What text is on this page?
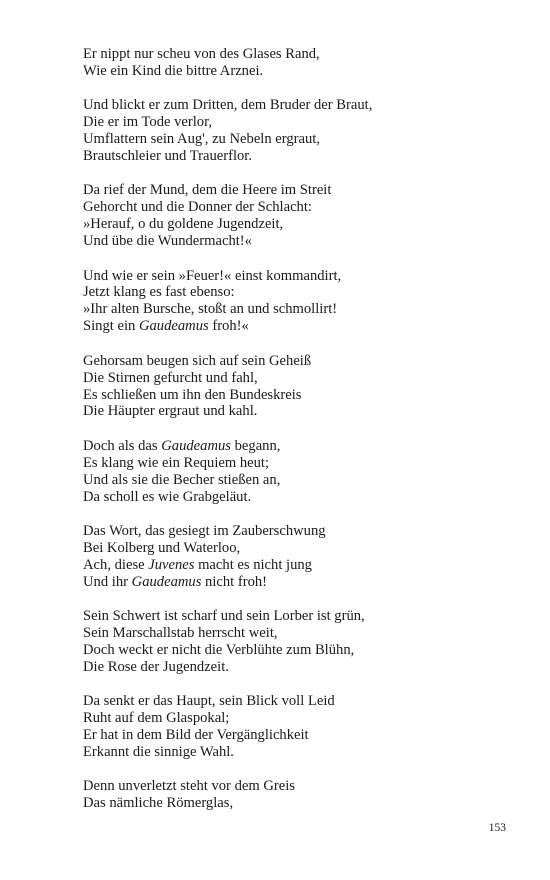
Er nippt nur scheu von des Glases Rand,
Wie ein Kind die bittre Arznei.
Und blickt er zum Dritten, dem Bruder der Braut,
Die er im Tode verlor,
Umflattern sein Aug', zu Nebeln ergraut,
Brautschleier und Trauerflor.
Da rief der Mund, dem die Heere im Streit
Gehorcht und die Donner der Schlacht:
»Herauf, o du goldene Jugendzeit,
Und übe die Wundermacht!«
Und wie er sein »Feuer!« einst kommandirt,
Jetzt klang es fast ebenso:
»Ihr alten Bursche, stoßt an und schmollirt!
Singt ein Gaudeamus froh!«
Gehorsam beugen sich auf sein Geheiß
Die Stirnen gefurcht und fahl,
Es schließen um ihn den Bundeskreis
Die Häupter ergraut und kahl.
Doch als das Gaudeamus begann,
Es klang wie ein Requiem heut;
Und als sie die Becher stießen an,
Da scholl es wie Grabgeläut.
Das Wort, das gesiegt im Zauberschwung
Bei Kolberg und Waterloo,
Ach, diese Juvenes macht es nicht jung
Und ihr Gaudeamus nicht froh!
Sein Schwert ist scharf und sein Lorber ist grün,
Sein Marschallstab herrscht weit,
Doch weckt er nicht die Verblühte zum Blühn,
Die Rose der Jugendzeit.
Da senkt er das Haupt, sein Blick voll Leid
Ruht auf dem Glaspokal;
Er hat in dem Bild der Vergänglichkeit
Erkannt die sinnige Wahl.
Denn unverletzt steht vor dem Greis
Das nämliche Römerglas,
153
